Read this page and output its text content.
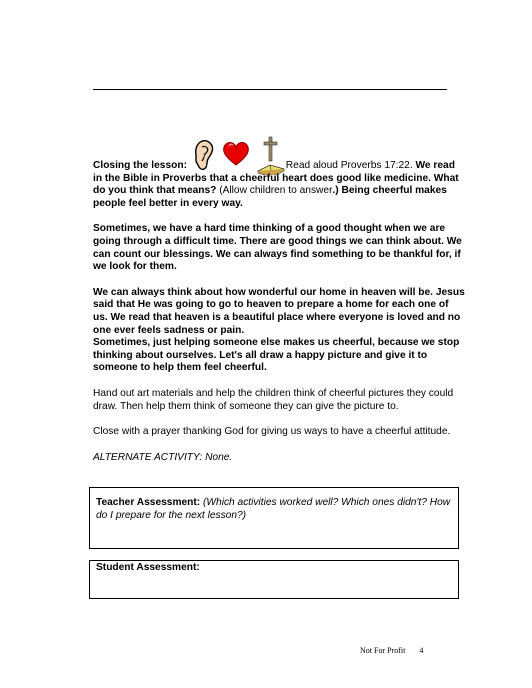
Closing the lesson:	Read aloud Proverbs 17:22. We read in the Bible in Proverbs that a cheerful heart does good like medicine. What do you think that means? (Allow children to answer.) Being cheerful makes people feel better in every way.

Sometimes, we have a hard time thinking of a good thought when we are going through a difficult time. There are good things we can think about. We can count our blessings. We can always find something to be thankful for, if we look for them.

We can always think about how wonderful our home in heaven will be. Jesus said that He was going to go to heaven to prepare a home for each one of us. We read that heaven is a beautiful place where everyone is loved and no one ever feels sadness or pain.

Sometimes, just helping someone else makes us cheerful, because we stop thinking about ourselves. Let's all draw a happy picture and give it to someone to help them feel cheerful.

Hand out art materials and help the children think of cheerful pictures they could draw. Then help them think of someone they can give the picture to.

Close with a prayer thanking God for giving us ways to have a cheerful attitude.

ALTERNATE ACTIVITY: None.

Teacher Assessment: (Which activities worked well? Which ones didn't? How do I prepare for the next lesson?)
Student Assessment:
Not For Profit 4
